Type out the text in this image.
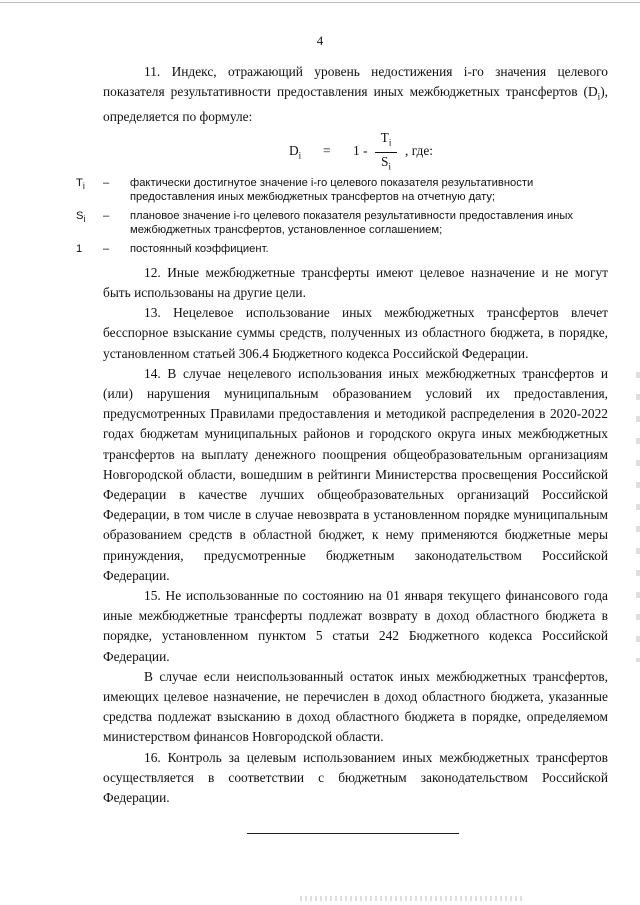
4

11. Индекс, отражающий уровень недостижения i-го значения целевого показателя результативности предоставления иных межбюджетных трансфертов $(D_i)$, определяется по формуле:

$D_i = 1 - \frac{T_i}{S_i}$ , где:
$T_i$	–	фактически достигнутое значение i-го целевого показателя результативности предоставления иных межбюджетных трансфертов на отчетную дату;
$S_i$	–	плановое значение i-го целевого показателя результативности предоставления иных межбюджетных трансфертов, установленное соглашением;
1	–	постоянный коэффициент.

12. Иные межбюджетные трансферты имеют целевое назначение и не могут быть использованы на другие цели.

13. Нецелевое использование иных межбюджетных трансфертов влечет бесспорное взыскание суммы средств, полученных из областного бюджета, в порядке, установленном статьей 306.4 Бюджетного кодекса Российской Федерации.

14. В случае нецелевого использования иных межбюджетных трансфертов и (или) нарушения муниципальным образованием условий их предоставления, предусмотренных Правилами предоставления и методикой распределения в 2020-2022 годах бюджетам муниципальных районов и городского округа иных межбюджетных трансфертов на выплату денежного поощрения общеобразовательным организациям Новгородской области, вошедшим в рейтинги Министерства просвещения Российской Федерации в качестве лучших общеобразовательных организаций Российской Федерации, в том числе в случае невозврата в установленном порядке муниципальным образованием средств в областной бюджет, к нему применяются бюджетные меры принуждения, предусмотренные бюджетным законодательством Российской Федерации.

15. Не использованные по состоянию на 01 января текущего финансового года иные межбюджетные трансферты подлежат возврату в доход областного бюджета в порядке, установленном пунктом 5 статьи 242 Бюджетного кодекса Российской Федерации.

В случае если неиспользованный остаток иных межбюджетных трансфертов, имеющих целевое назначение, не перечислен в доход областного бюджета, указанные средства подлежат взысканию в доход областного бюджета в порядке, определяемом министерством финансов Новгородской области.

16. Контроль за целевым использованием иных межбюджетных трансфертов осуществляется в соответствии с бюджетным законодательством Российской Федерации.
